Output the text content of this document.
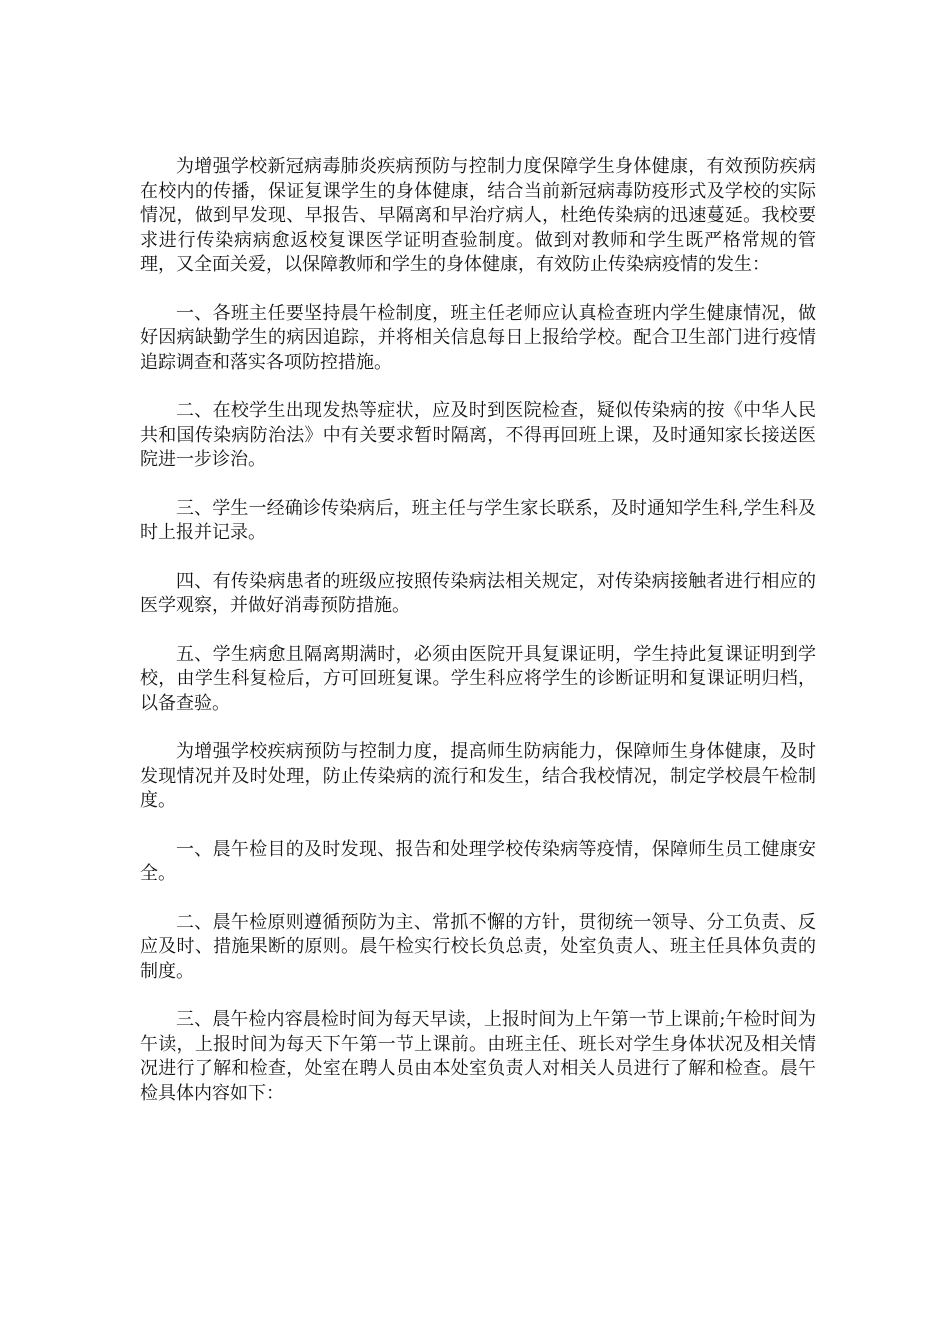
为增强学校新冠病毒肺炎疾病预防与控制力度保障学生身体健康，有效预防疾病在校内的传播，保证复课学生的身体健康，结合当前新冠病毒防疫形式及学校的实际情况，做到早发现、早报告、早隔离和早治疗病人，杜绝传染病的迅速蔓延。我校要求进行传染病病愈返校复课医学证明查验制度。做到对教师和学生既严格常规的管理，又全面关爱，以保障教师和学生的身体健康，有效防止传染病疫情的发生：

一、各班主任要坚持晨午检制度，班主任老师应认真检查班内学生健康情况，做好因病缺勤学生的病因追踪，并将相关信息每日上报给学校。配合卫生部门进行疫情追踪调查和落实各项防控措施。

二、在校学生出现发热等症状，应及时到医院检查，疑似传染病的按《中华人民共和国传染病防治法》中有关要求暂时隔离，不得再回班上课，及时通知家长接送医院进一步诊治。

三、学生一经确诊传染病后，班主任与学生家长联系，及时通知学生科,学生科及时上报并记录。

四、有传染病患者的班级应按照传染病法相关规定，对传染病接触者进行相应的医学观察，并做好消毒预防措施。

五、学生病愈且隔离期满时，必须由医院开具复课证明，学生持此复课证明到学校，由学生科复检后，方可回班复课。学生科应将学生的诊断证明和复课证明归档，以备查验。

为增强学校疾病预防与控制力度，提高师生防病能力，保障师生身体健康，及时发现情况并及时处理，防止传染病的流行和发生，结合我校情况，制定学校晨午检制度。

一、晨午检目的及时发现、报告和处理学校传染病等疫情，保障师生员工健康安全。

二、晨午检原则遵循预防为主、常抓不懈的方针，贯彻统一领导、分工负责、反应及时、措施果断的原则。晨午检实行校长负总责，处室负责人、班主任具体负责的制度。

三、晨午检内容晨检时间为每天早读，上报时间为上午第一节上课前;午检时间为午读，上报时间为每天下午第一节上课前。由班主任、班长对学生身体状况及相关情况进行了解和检查，处室在聘人员由本处室负责人对相关人员进行了解和检查。晨午检具体内容如下：
